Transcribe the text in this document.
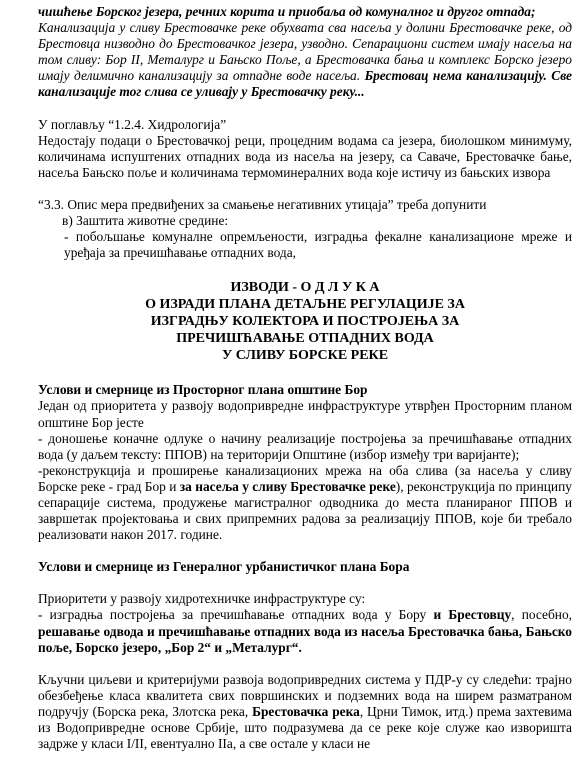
чишћење Борског језера, речних корита и приобаља од комуналног и другог отпада;

Канализација у сливу Брестовачке реке обухвата сва насеља у долини Брестовачке реке, од Брестовца низводно до Брестовачког језера, узводно. Сепарациони систем имају насеља на том сливу: Бор II, Металург и Бањско Поље, а Брестовачка бања и комплекс Борско језеро имају делимично канализацију за отпадне воде насеља. Брестовац нема канализацију. Све канализације тог слива се уливају у Брестовачку реку...

У поглављу “1.2.4. Хидрологија”

Недостају подаци о Брестовачкој реци, процедним водама са језера, биолошком минимуму, количинама испуштених отпадних вода из насеља на језеру, са Савачe, Брестовачке бање, насеља Бањско поље и количинама термоминералних вода које истичу из бањских извора

“3.3. Опис мера предвиђених за смањење негативних утицаја” треба допунити

в) Заштита животне средине:

- побољшање комуналне опремљености, изградња фекалне канализационе мреже и уређаја за пречишћавање отпадних вода,

ИЗВОДИ - О Д Л У К А

О ИЗРАДИ ПЛАНА ДЕТАЉНЕ РЕГУЛАЦИЈЕ ЗА

ИЗГРАДЊУ КОЛЕКТОРА И ПОСТРОЈЕЊА ЗА

ПРЕЧИШЋАВАЊЕ ОТПАДНИХ ВОДА

У СЛИВУ БОРСКЕ РЕКЕ

Услови и смернице из Просторног плана општине Бор

Један од приоритета у развоју водопривредне инфраструктуре утврђен Просторним планом општине Бор јесте

- доношење коначне одлуке о начину реализације постројења за пречишћавање отпадних вода (у даљем тексту: ППОВ) на територији Општине (избор између три варијанте);

-реконструкција и проширење канализационих мрежа на оба слива (за насеља у сливу Борске реке - град Бор и за насеља у сливу Брестовачке реке), реконструкција по принципу сепарације система, продужење магистралног одводника до места планираног ППОВ и завршетак пројектовања и свих припремних радова за реализацију ППОВ, које би требало реализовати након 2017. године.

Услови и смернице из Генералног урбанистичког плана Бора

Приоритети у развоју хидротехничке инфраструктуре су:

- изградња постројења за пречишћавање отпадних вода у Бору и Брестовцу, посебно, решавање одвода и пречишћавање отпадних вода из насеља Брестовачка бања, Бањско поље, Борско језеро, „Бор 2“ и „Металург“.

Кључни циљеви и критеријуми развоја водопривредних система у ПДР-у су следећи: трајно обезбеђење класа квалитета свих површинских и подземних вода на ширем разматраном подручју (Борска река, Злотска река, Брестовачка река, Црни Тимок, итд.) према захтевима из Водопривредне основе Србије, што подразумева да се реке које служе као изворишта задрже у класи I/II, евентуално IIa, а све остале у класи не
